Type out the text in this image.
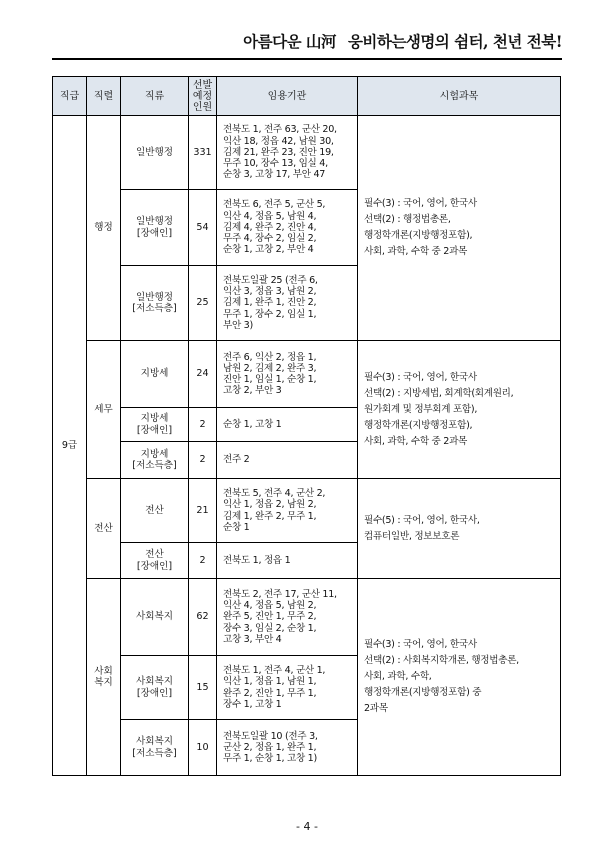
아름다운 山河 웅비하는생명의 쉼터, 천년 전북!
직급	직렬	직류	선발
예정
인원	임용기관	시험과목
9급	행정	일반행정	331	전북도 1, 전주 63, 군산 20,
익산 18, 정읍 42, 남원 30,
김제 21, 완주 23, 진안 19,
무주 10, 장수 13, 임실 4,
순창 3, 고창 17, 부안 47	필수(3) : 국어, 영어, 한국사
선택(2) : 행정법총론,
행정학개론(지방행정포함),
사회, 과학, 수학 중 2과목
		일반행정
[장애인]	54	전북도 6, 전주 5, 군산 5,
익산 4, 정읍 5, 남원 4,
김제 4, 완주 2, 진안 4,
무주 4, 장수 2, 임실 2,
순창 1, 고창 2, 부안 4	
		일반행정
[저소득층]	25	전북도일괄 25 (전주 6,
익산 3, 정읍 3, 남원 2,
김제 1, 완주 1, 진안 2,
무주 1, 장수 2, 임실 1,
부안 3)	
	세무	지방세	24	전주 6, 익산 2, 정읍 1,
남원 2, 김제 2, 완주 3,
진안 1, 임실 1, 순창 1,
고창 2, 부안 3	필수(3) : 국어, 영어, 한국사
선택(2) : 지방세법, 회계학(회계원리,
원가회계 및 정부회계 포함),
행정학개론(지방행정포함),
사회, 과학, 수학 중 2과목
		지방세
[장애인]	2	순창 1, 고창 1	
		지방세
[저소득층]	2	전주 2	
	전산	전산	21	전북도 5, 전주 4, 군산 2,
익산 1, 정읍 2, 남원 2,
김제 1, 완주 2, 무주 1,
순창 1	필수(5) : 국어, 영어, 한국사,
컴퓨터일반, 정보보호론
		전산
[장애인]	2	전북도 1, 정읍 1	
	사회
복지	사회복지	62	전북도 2, 전주 17, 군산 11,
익산 4, 정읍 5, 남원 2,
완주 5, 진안 1, 무주 2,
장수 3, 임실 2, 순창 1,
고창 3, 부안 4	필수(3) : 국어, 영어, 한국사
선택(2) : 사회복지학개론, 행정법총론,
사회, 과학, 수학,
행정학개론(지방행정포함) 중
2과목
		사회복지
[장애인]	15	전북도 1, 전주 4, 군산 1,
익산 1, 정읍 1, 남원 1,
완주 2, 진안 1, 무주 1,
장수 1, 고창 1	
		사회복지
[저소득층]	10	전북도일괄 10 (전주 3,
군산 2, 정읍 1, 완주 1,
무주 1, 순창 1, 고창 1)	
- 4 -
